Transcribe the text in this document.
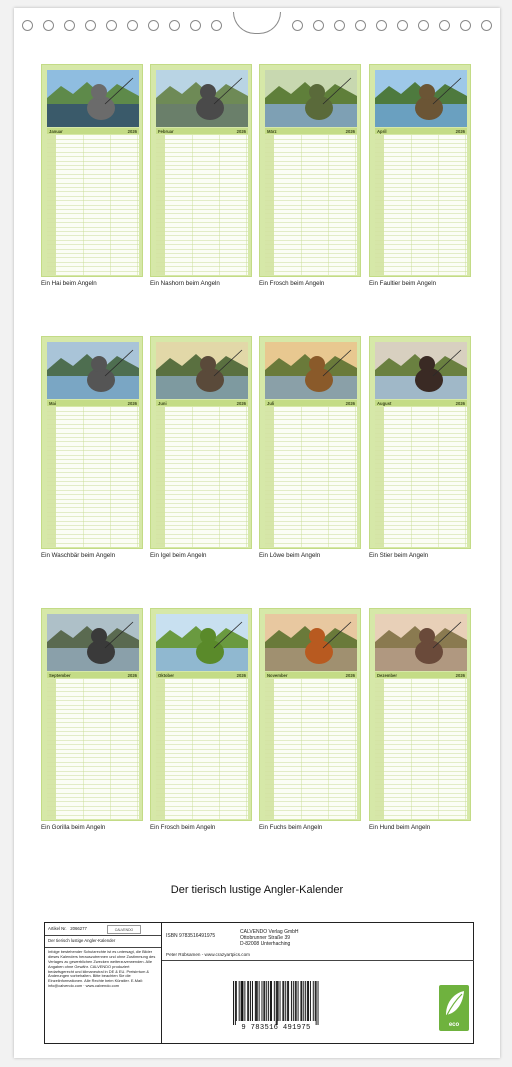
Januar	2026
Ein Hai beim Angeln
Februar	2026
Ein Nashorn beim Angeln
März	2026
Ein Frosch beim Angeln
April	2026
Ein Faultier beim Angeln
Mai	2026
Ein Waschbär beim Angeln
Juni	2026
Ein Igel beim Angeln
Juli	2026
Ein Löwe beim Angeln
August	2026
Ein Stier beim Angeln
September	2026
Ein Gorilla beim Angeln
Oktober	2026
Ein Frosch beim Angeln
November	2026
Ein Fuchs beim Angeln
Dezember	2026
Ein Hund beim Angeln
Der tierisch lustige Angler-Kalender
Artikel Nr. 2066277	CALVENDO
Der tierisch lustige Angler-Kalender
Infolge bestehender Schutzrechte ist es untersagt, die Bilder dieses Kalenders herauszutrennen und ohne Zustimmung des Verlages zu gewerblichen Zwecken weiterzuverwenden. Alle Angaben ohne Gewähr. CALVENDO produziert bedarfsgerecht und klimaneutral in DE & EU. Preisirrtum & Änderungen vorbehalten. Bitte beachten Sie die Einzelinformationen. Alle Rechte beim Künstler. E-Mail: info@calvendo.com · www.calvendo.com
ISBN 9783516491975
CALVENDO Verlag GmbH
Ottobrunner Straße 39
D-82008 Unterhaching
Peter Rübsamen - www.crazyartpics.com
9 783516 491975	eco
